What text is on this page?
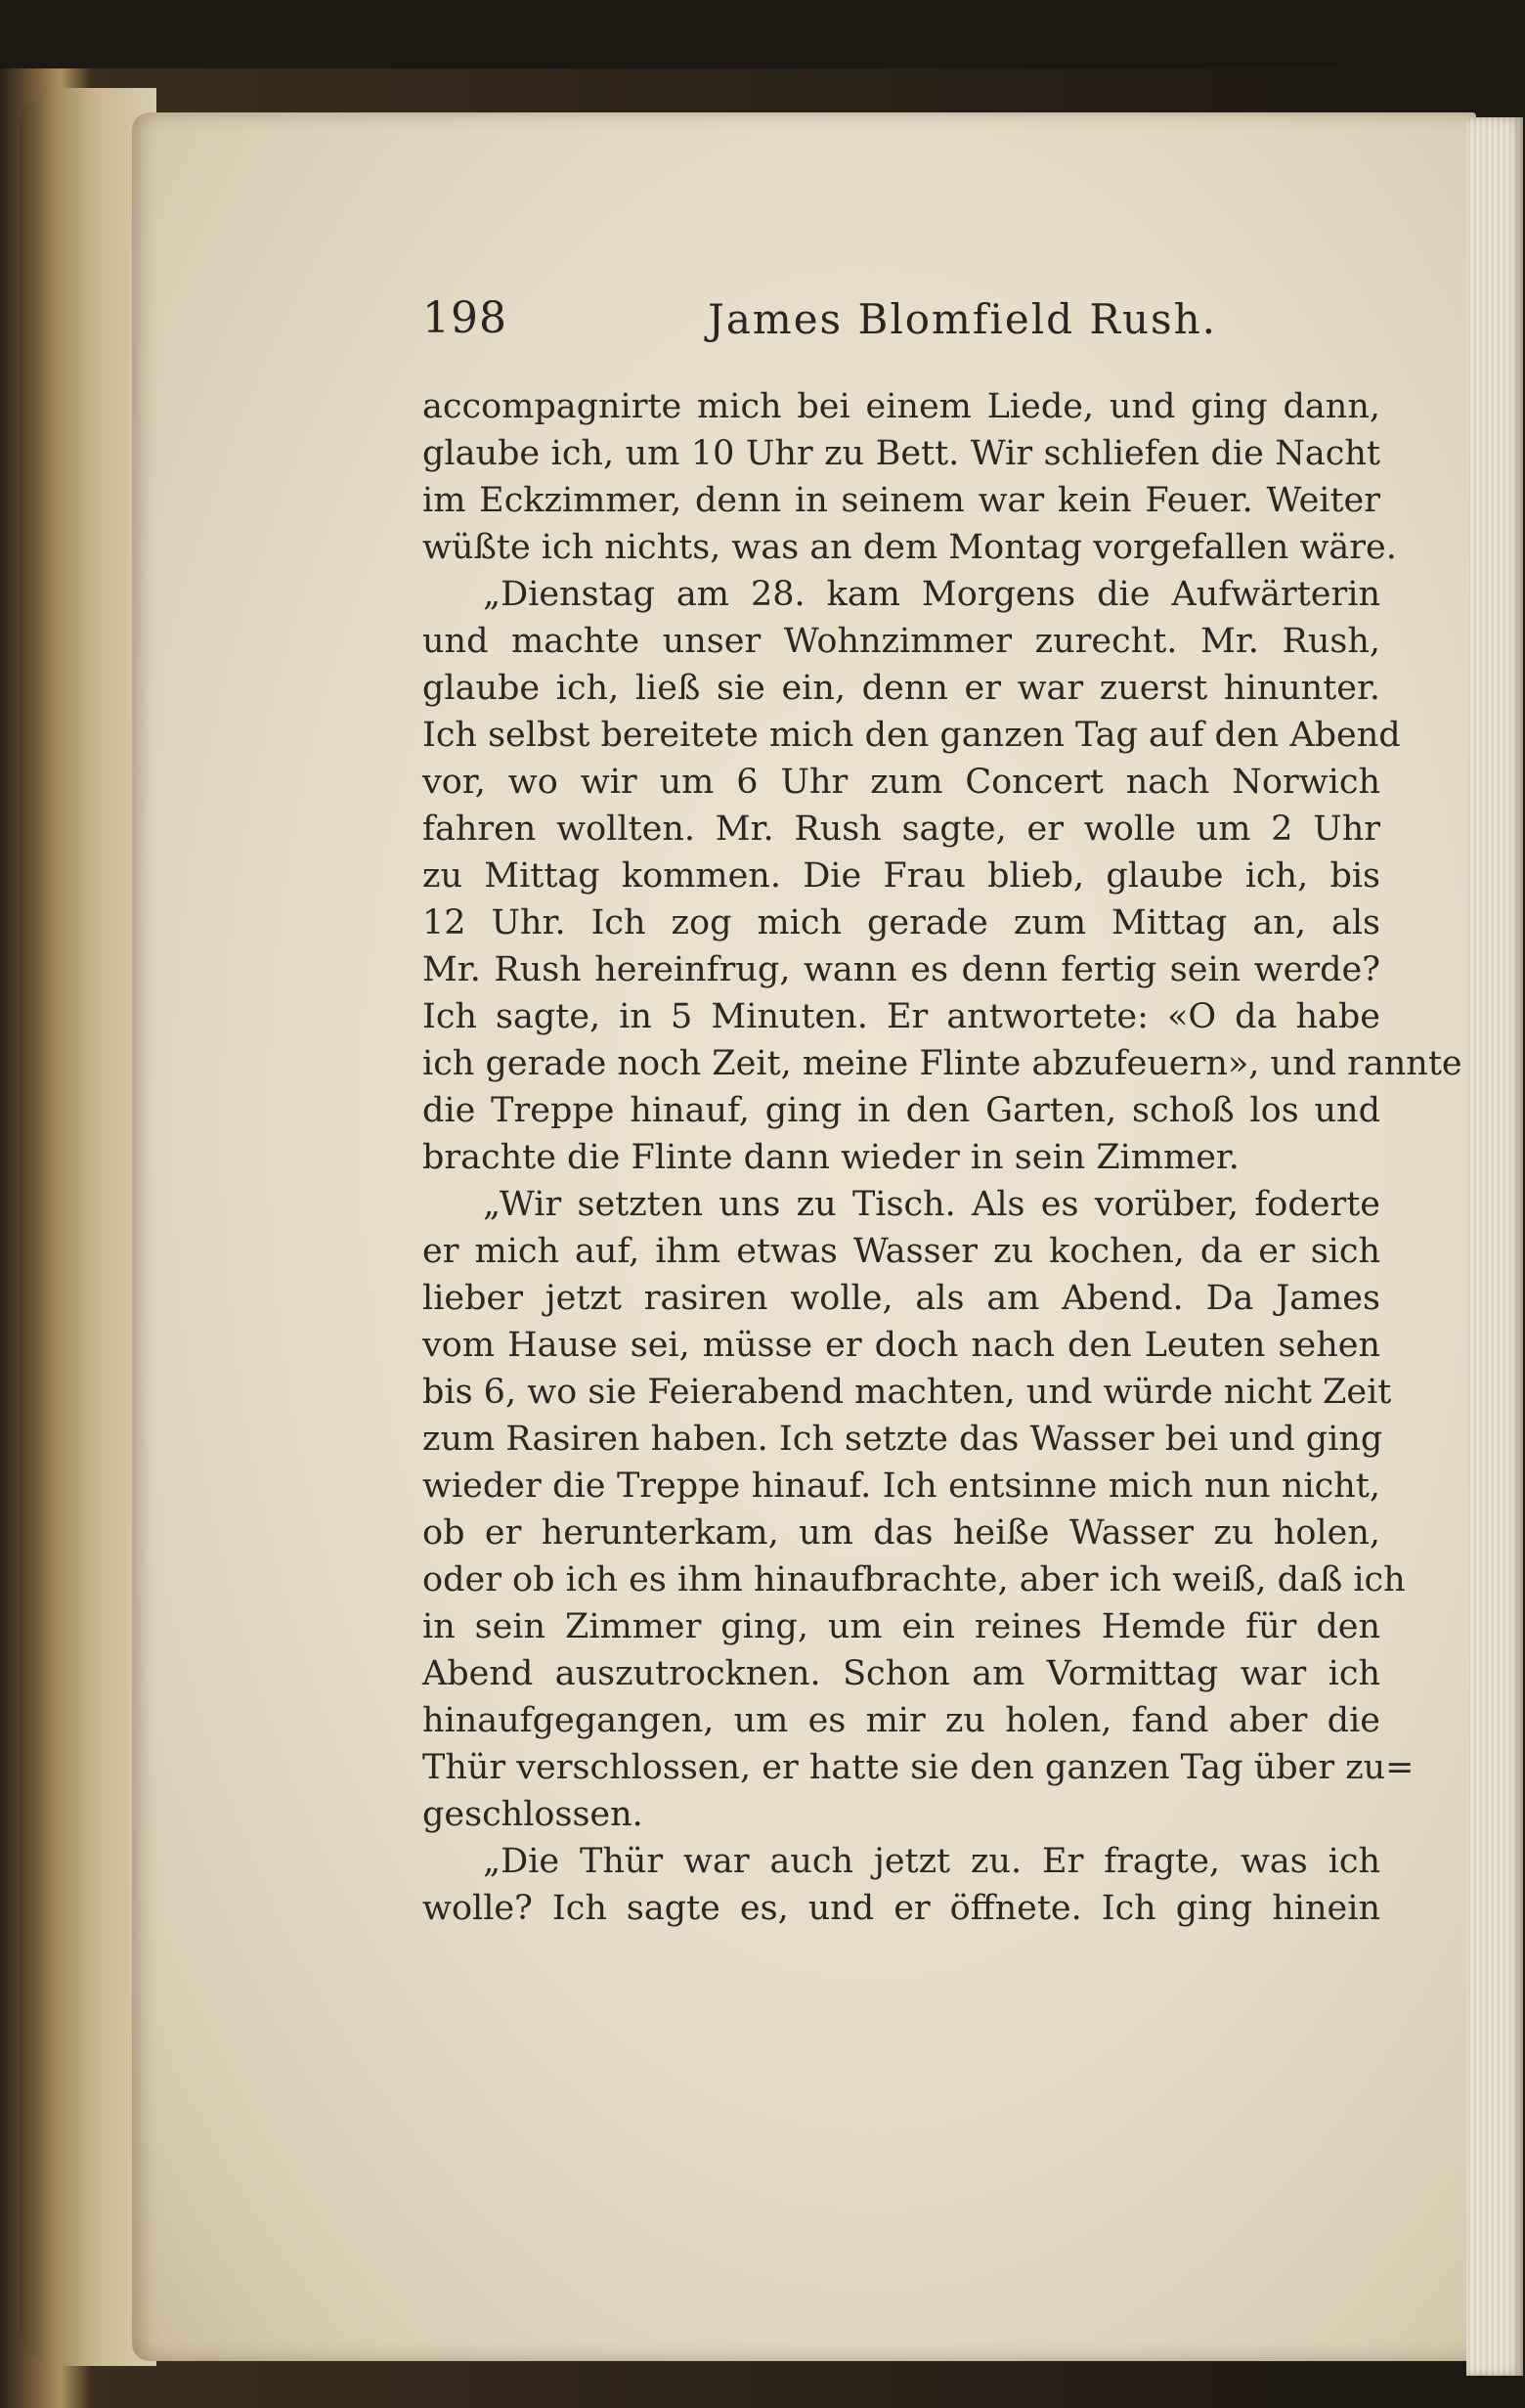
198	James Blomfield Rush.
accompagnirte mich bei einem Liede, und ging dann,
glaube ich, um 10 Uhr zu Bett. Wir schliefen die Nacht
im Eckzimmer, denn in seinem war kein Feuer. Weiter
wüßte ich nichts, was an dem Montag vorgefallen wäre.
„Dienstag am 28. kam Morgens die Aufwärterin
und machte unser Wohnzimmer zurecht. Mr. Rush,
glaube ich, ließ sie ein, denn er war zuerst hinunter.
Ich selbst bereitete mich den ganzen Tag auf den Abend
vor, wo wir um 6 Uhr zum Concert nach Norwich
fahren wollten. Mr. Rush sagte, er wolle um 2 Uhr
zu Mittag kommen. Die Frau blieb, glaube ich, bis
12 Uhr. Ich zog mich gerade zum Mittag an, als
Mr. Rush hereinfrug, wann es denn fertig sein werde?
Ich sagte, in 5 Minuten. Er antwortete: «O da habe
ich gerade noch Zeit, meine Flinte abzufeuern», und rannte
die Treppe hinauf, ging in den Garten, schoß los und
brachte die Flinte dann wieder in sein Zimmer.
„Wir setzten uns zu Tisch. Als es vorüber, foderte
er mich auf, ihm etwas Wasser zu kochen, da er sich
lieber jetzt rasiren wolle, als am Abend. Da James
vom Hause sei, müsse er doch nach den Leuten sehen
bis 6, wo sie Feierabend machten, und würde nicht Zeit
zum Rasiren haben. Ich setzte das Wasser bei und ging
wieder die Treppe hinauf. Ich entsinne mich nun nicht,
ob er herunterkam, um das heiße Wasser zu holen,
oder ob ich es ihm hinaufbrachte, aber ich weiß, daß ich
in sein Zimmer ging, um ein reines Hemde für den
Abend auszutrocknen. Schon am Vormittag war ich
hinaufgegangen, um es mir zu holen, fand aber die
Thür verschlossen, er hatte sie den ganzen Tag über zu=
geschlossen.
„Die Thür war auch jetzt zu. Er fragte, was ich
wolle? Ich sagte es, und er öffnete. Ich ging hinein
